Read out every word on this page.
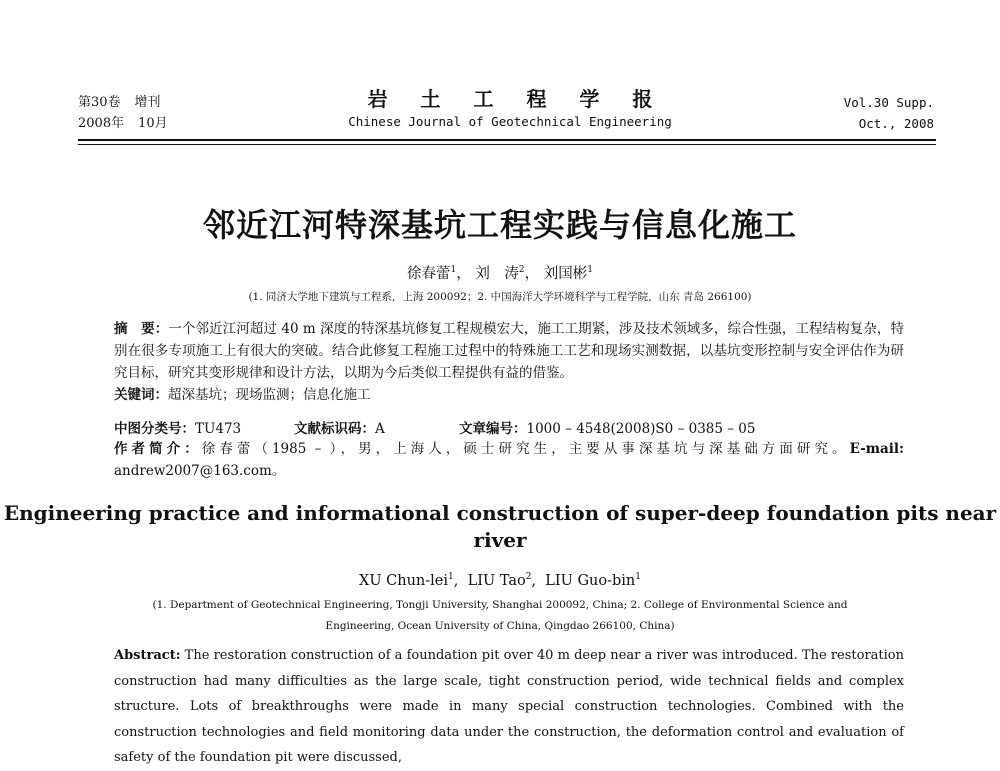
第30卷 增刊
2008年 10月
岩 土 工 程 学 报
Chinese Journal of Geotechnical Engineering
Vol.30 Supp.
Oct., 2008
邻近江河特深基坑工程实践与信息化施工
徐春蕾$^1$， 刘　涛$^2$， 刘国彬$^1$
(1. 同济大学地下建筑与工程系，上海 200092；2. 中国海洋大学环境科学与工程学院，山东 青岛 266100)
摘　要：一个邻近江河超过 40 m 深度的特深基坑修复工程规模宏大，施工工期紧，涉及技术领域多，综合性强，工程结构复杂，特别在很多专项施工上有很大的突破。结合此修复工程施工过程中的特殊施工工艺和现场实测数据，以基坑变形控制与安全评估作为研究目标，研究其变形规律和设计方法，以期为今后类似工程提供有益的借鉴。
关键词：超深基坑；现场监测；信息化施工
中图分类号：TU473	文献标识码：A	文章编号：1000 – 4548(2008)S0 – 0385 – 05
作者简介：徐春蕾（1985 – ），男，上海人，硕士研究生，主要从事深基坑与深基础方面研究。E-mail: andrew2007@163.com。
Engineering practice and informational construction of super-deep foundation pits near river
XU Chun-lei$^1$,  LIU Tao$^2$,  LIU Guo-bin$^1$
(1. Department of Geotechnical Engineering, Tongji University, Shanghai 200092, China; 2. College of Environmental Science and Engineering, Ocean University of China, Qingdao 266100, China)
Abstract: The restoration construction of a foundation pit over 40 m deep near a river was introduced. The restoration construction had many difficulties as the large scale, tight construction period, wide technical fields and complex structure. Lots of breakthroughs were made in many special construction technologies. Combined with the construction technologies and field monitoring data under the construction, the deformation control and evaluation of safety of the foundation pit were discussed,
